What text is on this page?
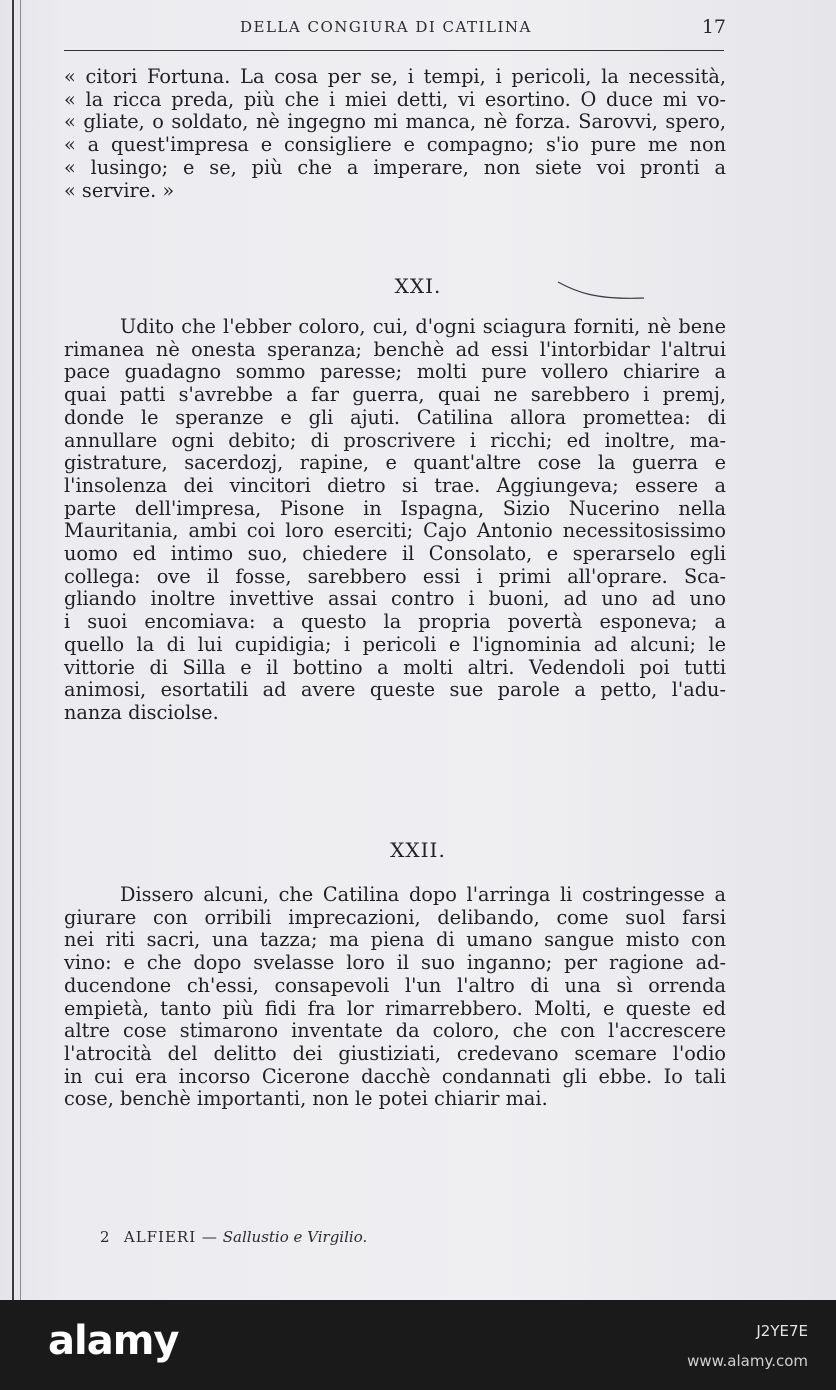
DELLA CONGIURA DI CATILINA	17
« citori Fortuna. La cosa per se, i tempi, i pericoli, la necessità,
« la ricca preda, più che i miei detti, vi esortino. O duce mi vo-
« gliate, o soldato, nè ingegno mi manca, nè forza. Sarovvi, spero,
« a quest'impresa e consigliere e compagno; s'io pure me non
« lusingo; e se, più che a imperare, non siete voi pronti a
« servire. »
XXI.
Udito che l'ebber coloro, cui, d'ogni sciagura forniti, nè bene
rimanea nè onesta speranza; benchè ad essi l'intorbidar l'altrui
pace guadagno sommo paresse; molti pure vollero chiarire a
quai patti s'avrebbe a far guerra, quai ne sarebbero i premj,
donde le speranze e gli ajuti. Catilina allora promettea: di
annullare ogni debito; di proscrivere i ricchi; ed inoltre, ma-
gistrature, sacerdozj, rapine, e quant'altre cose la guerra e
l'insolenza dei vincitori dietro si trae. Aggiungeva; essere a
parte dell'impresa, Pisone in Ispagna, Sizio Nucerino nella
Mauritania, ambi coi loro eserciti; Cajo Antonio necessitosissimo
uomo ed intimo suo, chiedere il Consolato, e sperarselo egli
collega: ove il fosse, sarebbero essi i primi all'oprare. Sca-
gliando inoltre invettive assai contro i buoni, ad uno ad uno
i suoi encomiava: a questo la propria povertà esponeva; a
quello la di lui cupidigia; i pericoli e l'ignominia ad alcuni; le
vittorie di Silla e il bottino a molti altri. Vedendoli poi tutti
animosi, esortatili ad avere queste sue parole a petto, l'adu-
nanza disciolse.
XXII.
Dissero alcuni, che Catilina dopo l'arringa li costringesse a
giurare con orribili imprecazioni, delibando, come suol farsi
nei riti sacri, una tazza; ma piena di umano sangue misto con
vino: e che dopo svelasse loro il suo inganno; per ragione ad-
ducendone ch'essi, consapevoli l'un l'altro di una sì orrenda
empietà, tanto più fidi fra lor rimarrebbero. Molti, e queste ed
altre cose stimarono inventate da coloro, che con l'accrescere
l'atrocità del delitto dei giustiziati, credevano scemare l'odio
in cui era incorso Cicerone dacchè condannati gli ebbe. Io tali
cose, benchè importanti, non le potei chiarir mai.
2 ALFIERI — Sallustio e Virgilio.
alamy	J2YE7E
www.alamy.com
